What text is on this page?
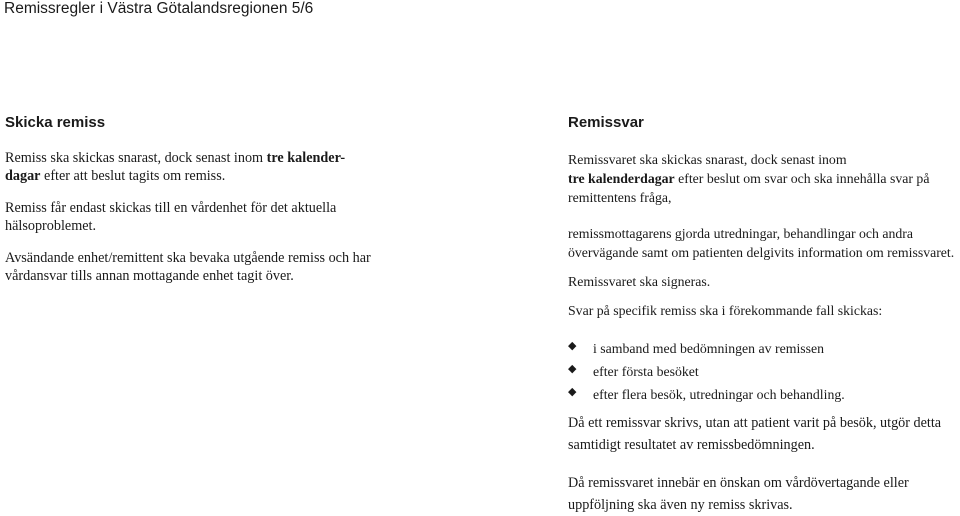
Remissregler i Västra Götalandsregionen 5/6
Skicka remiss

Remiss ska skickas snarast, dock senast inom tre kalender-
dagar efter att beslut tagits om remiss.

Remiss får endast skickas till en vårdenhet för det aktuella hälsoproblemet.

Avsändande enhet/remittent ska bevaka utgående remiss och har vårdansvar tills annan mottagande enhet tagit över.

Remissvar

Remissvaret ska skickas snarast, dock senast inom
tre kalenderdagar efter beslut om svar och ska innehålla svar på remittentens fråga,

remissmottagarens gjorda utredningar, behandlingar och andra övervägande samt om patienten delgivits information om remissvaret.

Remissvaret ska signeras.

Svar på specifik remiss ska i förekommande fall skickas:

◆ i samband med bedömningen av remissen
◆ efter första besöket
◆ efter flera besök, utredningar och behandling.

Då ett remissvar skrivs, utan att patient varit på besök, utgör detta samtidigt resultatet av remissbedömningen.

Då remissvaret innebär en önskan om vårdövertagande eller uppföljning ska även ny remiss skrivas.
